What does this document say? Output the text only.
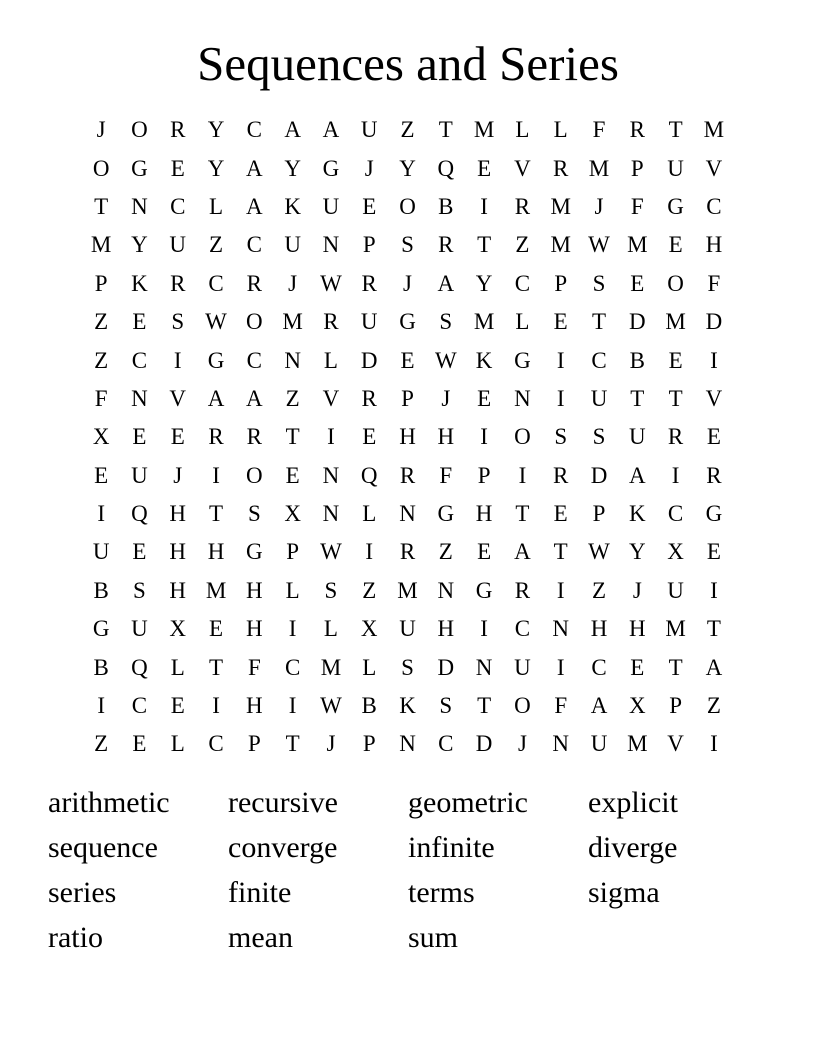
Sequences and Series
J	O R Y C A A U Z	T M L	L	F	R	T M
O G E Y A Y G	J	Y Q E V R M P	U V
T N C	L A K U E O B	I	R M	J	F	G C
M Y U Z	C U N	P	S	R	T	Z M W M E H
P	K R C R	J W R	J	A Y C	P	S	E O	F
Z	E	S W O M R U G	S M L	E	T D M D
Z	C	I	G C N L D E W K G	I	C B	E	I
F	N V A A Z V R	P	J	E N	I	U T	T V
X E	E	R R	T	I	E H H	I	O	S	S	U R	E
E U	J	I	O E N Q R	F	P	I	R D A	I	R
I	Q H T	S	X N L N G H T	E	P	K C G
U E H H G	P W	I	R	Z	E A T W Y X E
B	S	H M H L	S	Z M N G R	I	Z	J	U	I
G U X E H	I	L X U H	I	C N H H M T
B Q L	T	F	C M L	S	D N U	I	C	E	T A
I	C	E	I	H	I	W B K	S	T O	F	A X	P	Z
Z	E	L	C	P	T	J	P	N C D	J	N U M V	I
arithmetic	recursive	geometric	explicit
sequence	converge	infinite	diverge
series	finite	terms	sigma
ratio	mean	sum
